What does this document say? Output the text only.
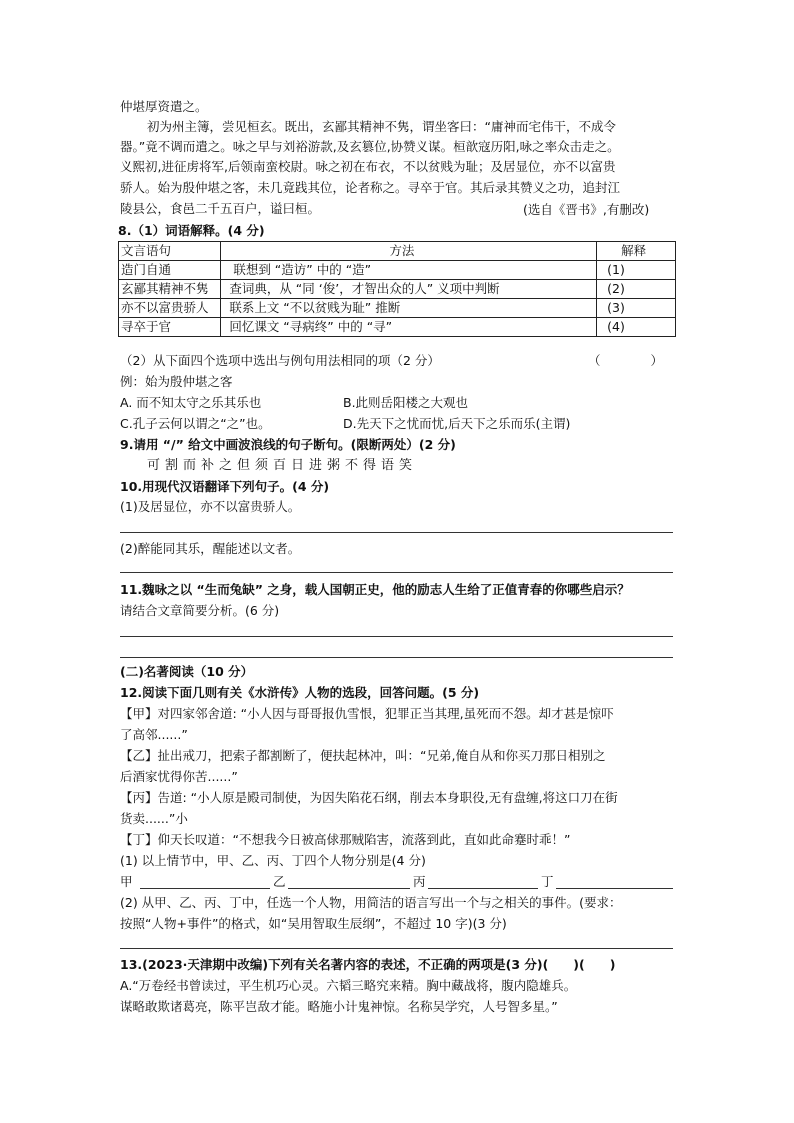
仲堪厚资遣之。
初为州主簿，尝见桓玄。既出，玄鄙其精神不隽，谓坐客曰：“庸神而宅伟干，不成令
器。”竟不调而遣之。咏之早与刘裕游款,及玄篡位,协赞义谋。桓歆寇历阳,咏之率众击走之。
义熙初,进征虏将军,后领南蛮校尉。咏之初在布衣，不以贫贱为耻；及居显位，亦不以富贵
骄人。始为殷仲堪之客，未几竟践其位，论者称之。寻卒于官。其后录其赞义之功，追封江
陵县公，食邑二千五百户，谥曰桓。	(选自《晋书》,有删改)
8.（1）词语解释。(4 分)
文言语句	方法	解释
造门自通	联想到 “造访” 中的 “造”	(1)
玄鄙其精神不隽	查词典，从 “同 ‘俊’，才智出众的人” 义项中判断	(2)
亦不以富贵骄人	联系上文 “不以贫贱为耻” 推断	(3)
寻卒于官	回忆课文 “寻病终” 中的 “寻”	(4)
（2）从下面四个选项中选出与例句用法相同的项（2 分）	（　　　　）
例：始为殷仲堪之客
A. 而不知太守之乐其乐也	B.此则岳阳楼之大观也
C.孔子云何以谓之“之”也。	D.先天下之忧而忧,后天下之乐而乐(主谓)
9.请用 “/” 给文中画波浪线的句子断句。(限断两处）(2 分)
可割而补之但须百日进粥不得语笑
10.用现代汉语翻译下列句子。(4 分)
(1)及居显位，亦不以富贵骄人。
(2)醉能同其乐，醒能述以文者。
11.魏咏之以 “生而兔缺” 之身，载人国朝正史，他的励志人生给了正值青春的你哪些启示？
请结合文章简要分析。(6 分)
(二)名著阅读（10 分）
12.阅读下面几则有关《水浒传》人物的选段，回答问题。(5 分)
【甲】对四家邻舍道: “小人因与哥哥报仇雪恨，犯罪正当其理,虽死而不怨。却才甚是惊吓
了高邻......”
【乙】扯出戒刀，把索子都割断了，便扶起林冲，叫：“兄弟,俺自从和你买刀那日相别之
后酒家忧得你苦......”
【丙】告道: “小人原是殿司制使，为因失陷花石纲，削去本身职役,无有盘缠,将这口刀在街
货卖......”小
【丁】仰天长叹道：“不想我今日被高俅那贼陷害，流落到此，直如此命蹇时乖！”
(1) 以上情节中，甲、乙、丙、丁四个人物分别是(4 分)
甲	乙	丙	丁
(2) 从甲、乙、丙、丁中，任选一个人物，用简洁的语言写出一个与之相关的事件。(要求：
按照“人物+事件”的格式，如“吴用智取生辰纲”，不超过 10 字)(3 分)
13.(2023·天津期中改编)下列有关名著内容的表述，不正确的两项是(3 分)(　　)(　　)
A.“万卷经书曾读过，平生机巧心灵。六韬三略究来精。胸中藏战将，腹内隐雄兵。
谋略敢欺诸葛亮，陈平岂敌才能。略施小计鬼神惊。名称吴学究，人号智多星。”
